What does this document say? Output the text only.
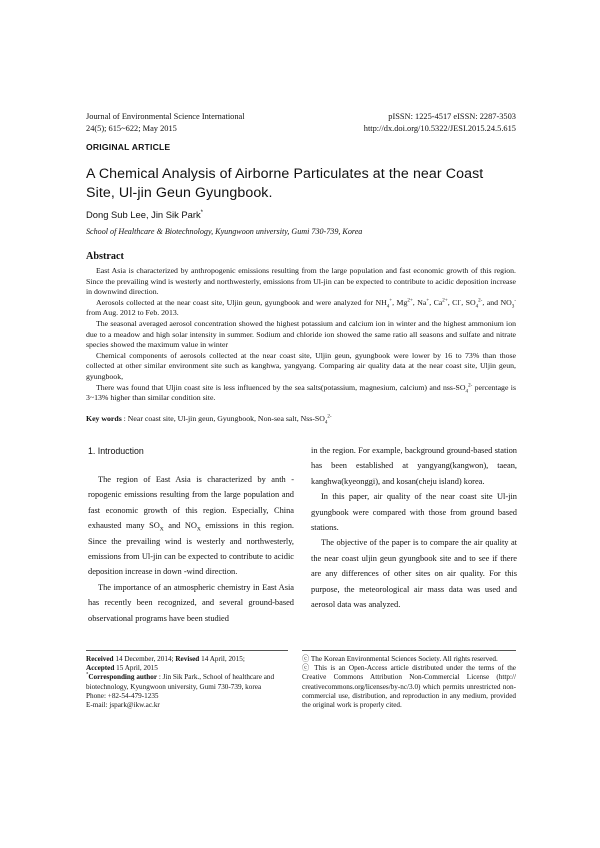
Journal of Environmental Science International
24(5); 615~622; May 2015
pISSN: 1225-4517 eISSN: 2287-3503
http://dx.doi.org/10.5322/JESI.2015.24.5.615
ORIGINAL ARTICLE
A Chemical Analysis of Airborne Particulates at the near Coast
Site, Ul-jin Geun Gyungbook.
Dong Sub Lee, Jin Sik Park*
School of Healthcare & Biotechnology, Kyungwoon university, Gumi 730-739, Korea
Abstract

East Asia is characterized by anthropogenic emissions resulting from the large population and fast economic growth of this region. Since the prevailing wind is westerly and northwesterly, emissions from Ul-jin can be expected to contribute to acidic deposition increase in downwind direction.

Aerosols collected at the near coast site, Uljin geun, gyungbook and were analyzed for $NH_4^+$, $Mg^{2+}$, Na+, $Ca^{2+}$, Cl-, $SO_4^{2-}$, and $NO_3^-$ from Aug. 2012 to Feb. 2013.

The seasonal averaged aerosol concentration showed the highest potassium and calcium ion in winter and the highest ammonium ion due to a meadow and high solar intensity in summer. Sodium and chloride ion showed the same ratio all seasons and sulfate and nitrate species showed the maximum value in winter

Chemical components of aerosols collected at the near coast site, Uljin geun, gyungbook were lower by 16 to 73% than those collected at other similar environment site such as kanghwa, yangyang. Comparing air quality data at the near coast site, Uljin geun, gyungbook,

There was found that Uljin coast site is less influenced by the sea salts(potassium, magnesium, calcium) and nss-$SO_4^{2-}$ percentage is 3~13% higher than similar condition site.

Key words : Near coast site, Ul-jin geun, Gyungbook, Non-sea salt, Nss-$SO_4^{2-}$
1. Introduction

The region of East Asia is characterized by anth -ropogenic emissions resulting from the large population and fast economic growth of this region. Especially, China exhausted many $SO_X$ and $NO_X$ emissions in this region. Since the prevailing wind is westerly and northwesterly, emissions from Ul-jin can be expected to contribute to acidic deposition increase in down -wind direction.

The importance of an atmospheric chemistry in East Asia has recently been recognized, and several ground-based observational programs have been studied

in the region. For example, background ground-based station has been established at yangyang(kangwon), taean, kanghwa(kyeonggi), and kosan(cheju island) korea.

In this paper, air quality of the near coast site Ul-jin gyungbook were compared with those from ground based stations.

The objective of the paper is to compare the air quality at the near coast uljin geun gyungbook site and to see if there are any differences of other sites on air quality. For this purpose, the meteorological air mass data was used and aerosol data was analyzed.

Received 14 December, 2014; Revised 14 April, 2015;
Accepted 15 April, 2015
*Corresponding author : Jin Sik Park., School of healthcare and biotechnology, Kyungwoon university, Gumi 730-739, korea
Phone: +82-54-479-1235
E-mail: jspark@ikw.ac.kr
ⓒ The Korean Environmental Sciences Society. All rights reserved.
ⓒ This is an Open-Access article distributed under the terms of the Creative Commons Attribution Non-Commercial License (http:// creativecommons.org/licenses/by-nc/3.0) which permits unrestricted non-commercial use, distribution, and reproduction in any medium, provided the original work is properly cited.
